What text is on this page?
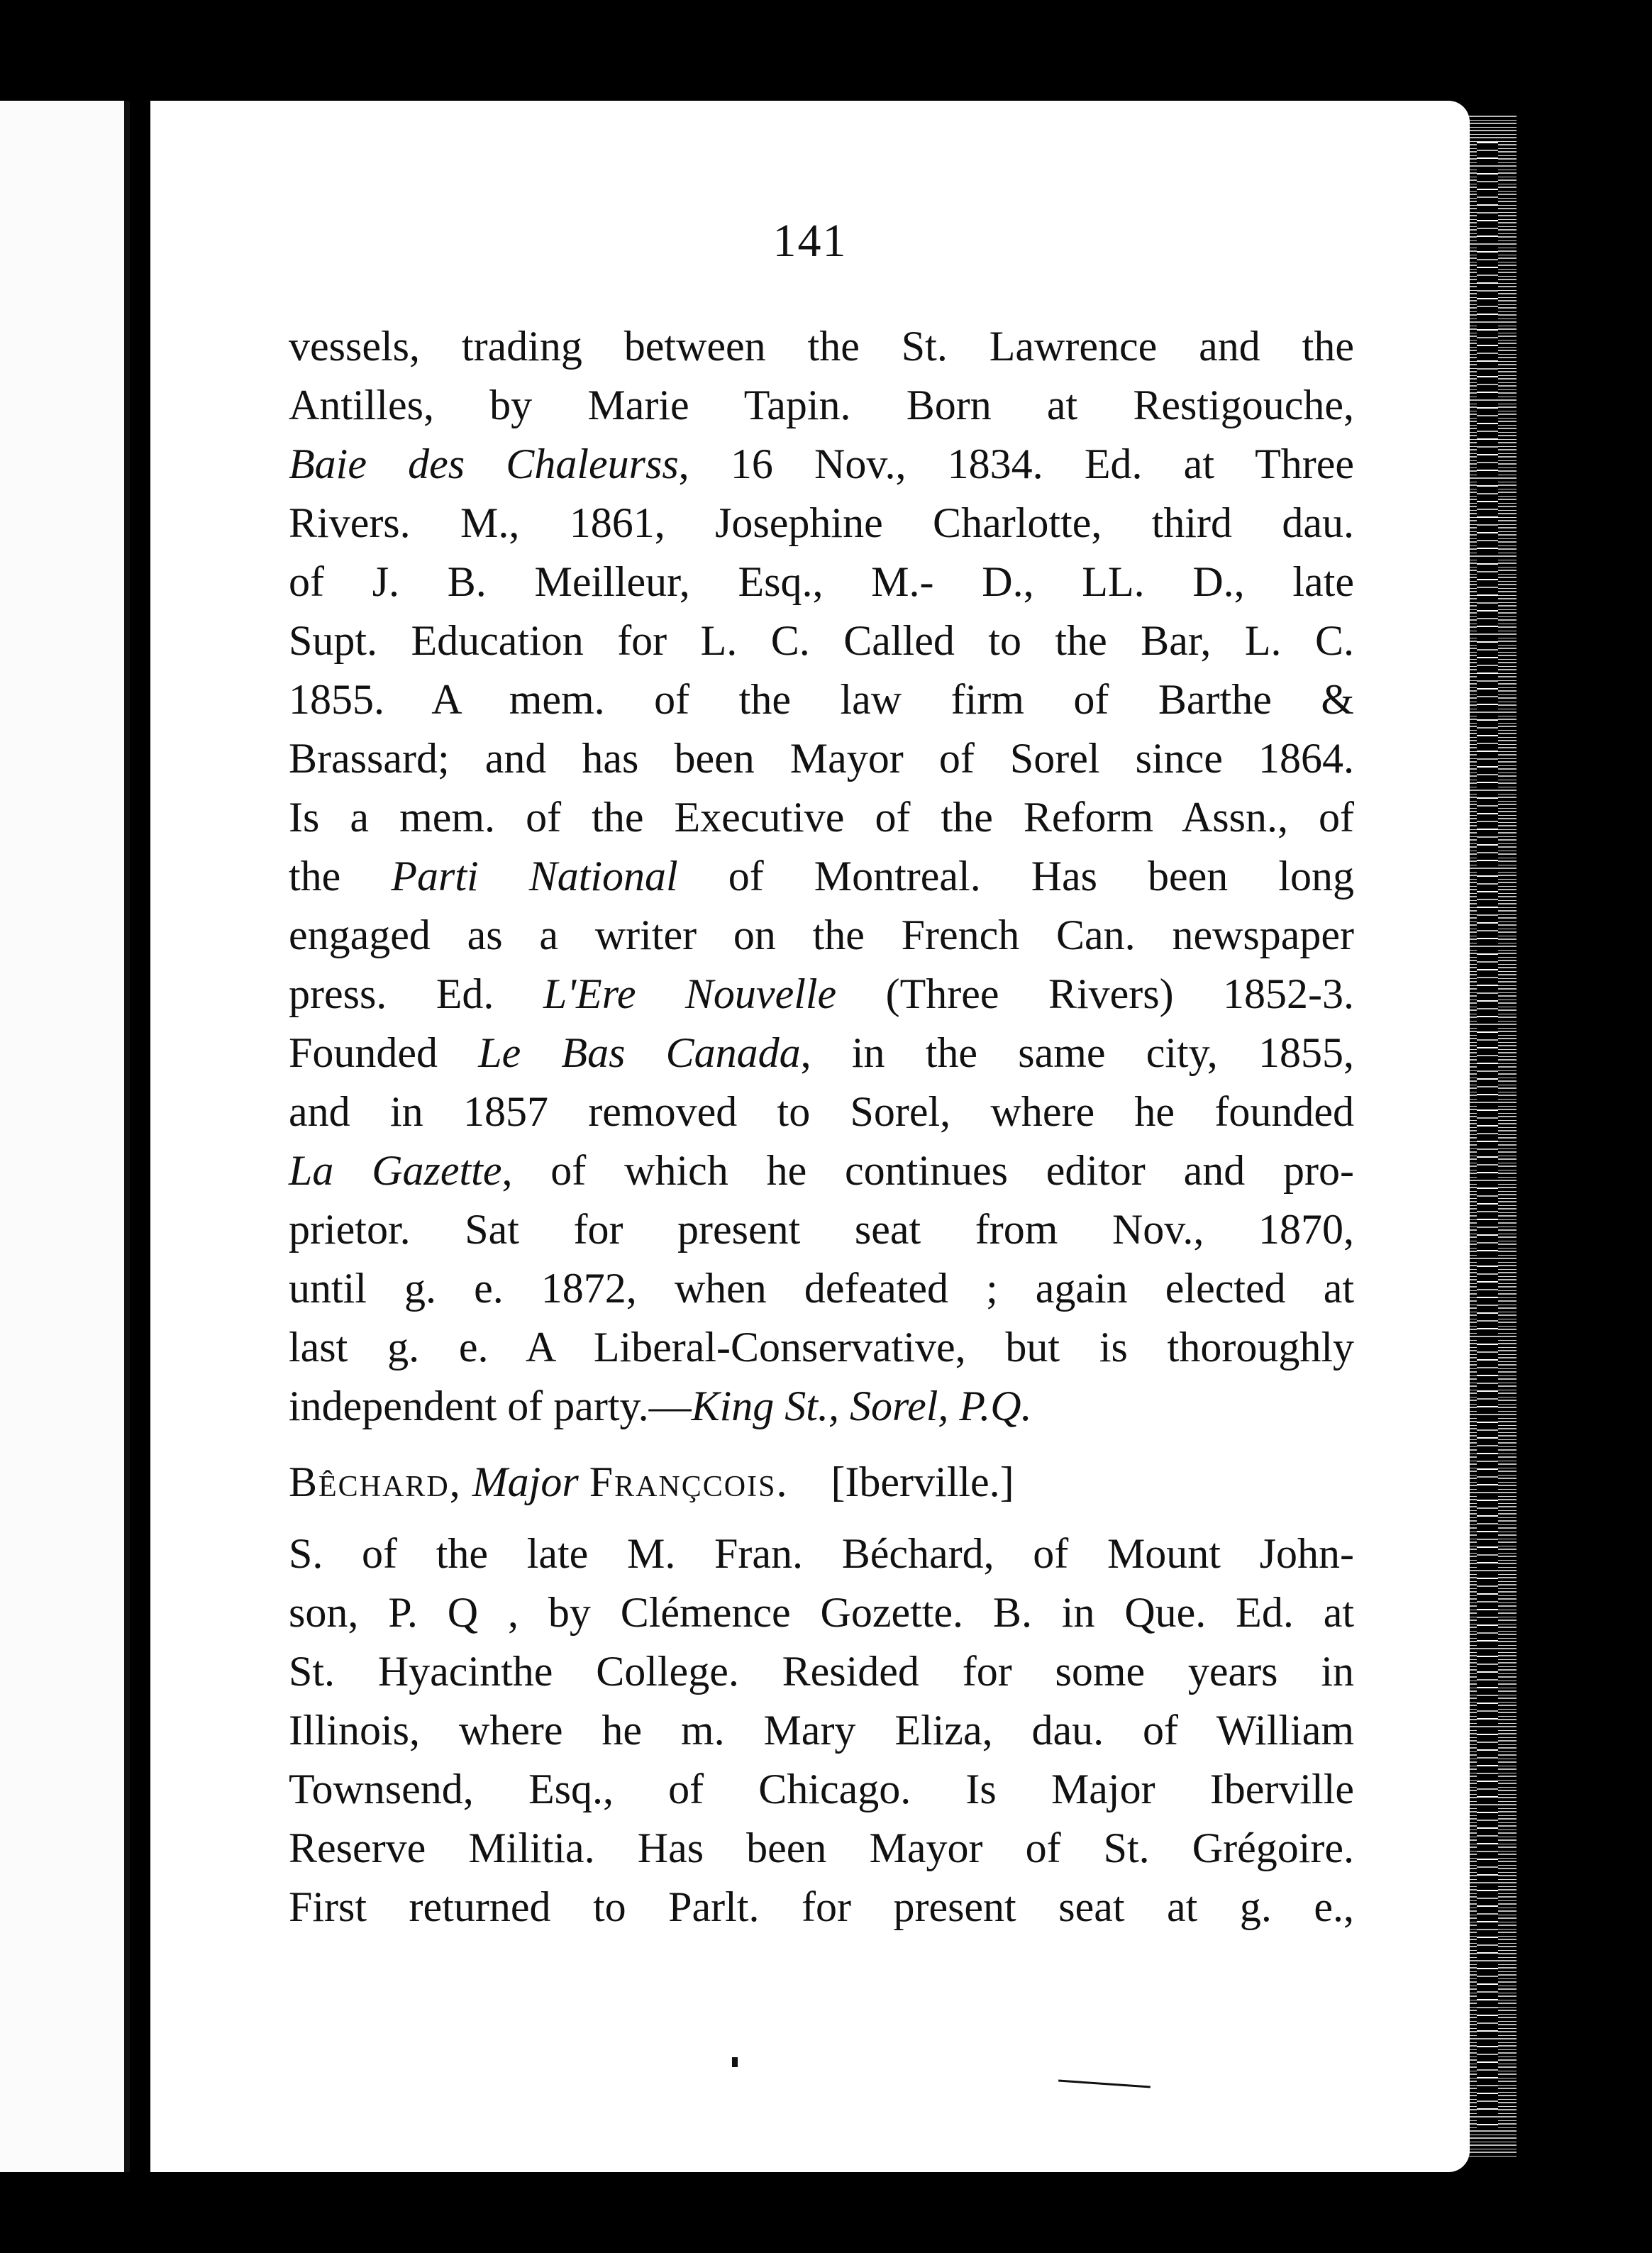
141
vessels, trading between the St. Lawrence and the
Antilles, by Marie Tapin. Born at Restigouche,
Baie des Chaleurss, 16 Nov., 1834. Ed. at Three
Rivers. M., 1861, Josephine Charlotte, third dau.
of J. B. Meilleur, Esq., M.- D., LL. D., late
Supt. Education for L. C. Called to the Bar, L. C.
1855. A mem. of the law firm of Barthe &
Brassard; and has been Mayor of Sorel since 1864.
Is a mem. of the Executive of the Reform Assn., of
the Parti National of Montreal. Has been long
engaged as a writer on the French Can. newspaper
press. Ed. L'Ere Nouvelle (Three Rivers) 1852-3.
Founded Le Bas Canada, in the same city, 1855,
and in 1857 removed to Sorel, where he founded
La Gazette, of which he continues editor and pro-
prietor. Sat for present seat from Nov., 1870,
until g. e. 1872, when defeated ; again elected at
last g. e. A Liberal-Conservative, but is thoroughly
independent of party.—King St., Sorel, P.Q.
Bêchard, Major Françcois. [Iberville.]
S. of the late M. Fran. Béchard, of Mount John-
son, P. Q , by Clémence Gozette. B. in Que. Ed. at
St. Hyacinthe College. Resided for some years in
Illinois, where he m. Mary Eliza, dau. of William
Townsend, Esq., of Chicago. Is Major Iberville
Reserve Militia. Has been Mayor of St. Grégoire.
First returned to Parlt. for present seat at g. e.,
